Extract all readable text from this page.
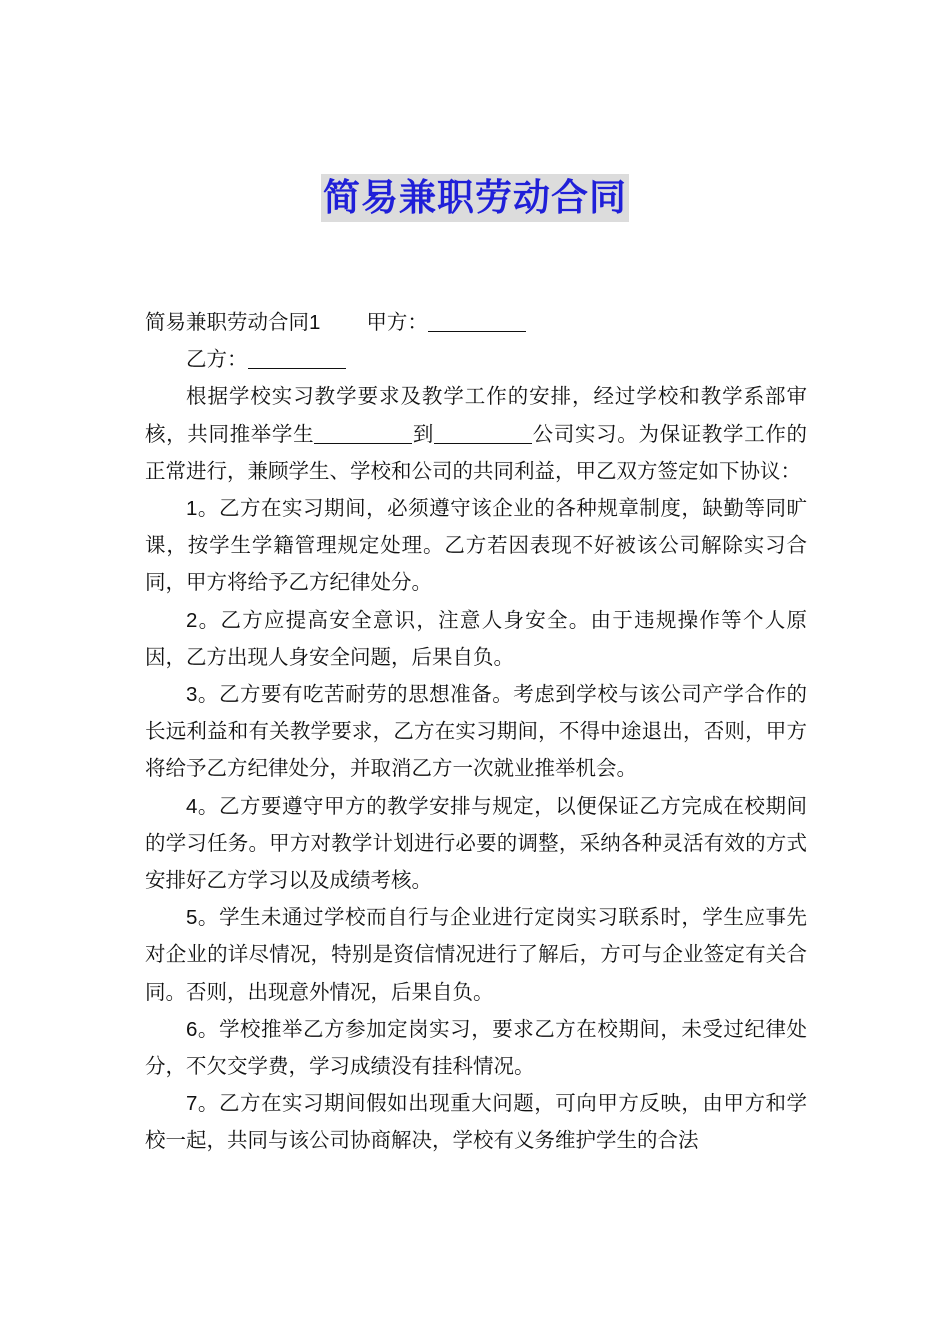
简易兼职劳动合同

简易兼职劳动合同1 甲方：

乙方：

根据学校实习教学要求及教学工作的安排，经过学校和教学系部审核，共同推举学生	到	公司实习。为保证教学工作的正常进行，兼顾学生、学校和公司的共同利益，甲乙双方签定如下协议：

1。乙方在实习期间，必须遵守该企业的各种规章制度，缺勤等同旷课，按学生学籍管理规定处理。乙方若因表现不好被该公司解除实习合同，甲方将给予乙方纪律处分。

2。乙方应提高安全意识，注意人身安全。由于违规操作等个人原因，乙方出现人身安全问题，后果自负。

3。乙方要有吃苦耐劳的思想准备。考虑到学校与该公司产学合作的长远利益和有关教学要求，乙方在实习期间，不得中途退出，否则，甲方将给予乙方纪律处分，并取消乙方一次就业推举机会。

4。乙方要遵守甲方的教学安排与规定，以便保证乙方完成在校期间的学习任务。甲方对教学计划进行必要的调整，采纳各种灵活有效的方式安排好乙方学习以及成绩考核。

5。学生未通过学校而自行与企业进行定岗实习联系时，学生应事先对企业的详尽情况，特别是资信情况进行了解后，方可与企业签定有关合同。否则，出现意外情况，后果自负。

6。学校推举乙方参加定岗实习，要求乙方在校期间，未受过纪律处分，不欠交学费，学习成绩没有挂科情况。

7。乙方在实习期间假如出现重大问题，可向甲方反映，由甲方和学校一起，共同与该公司协商解决，学校有义务维护学生的合法
